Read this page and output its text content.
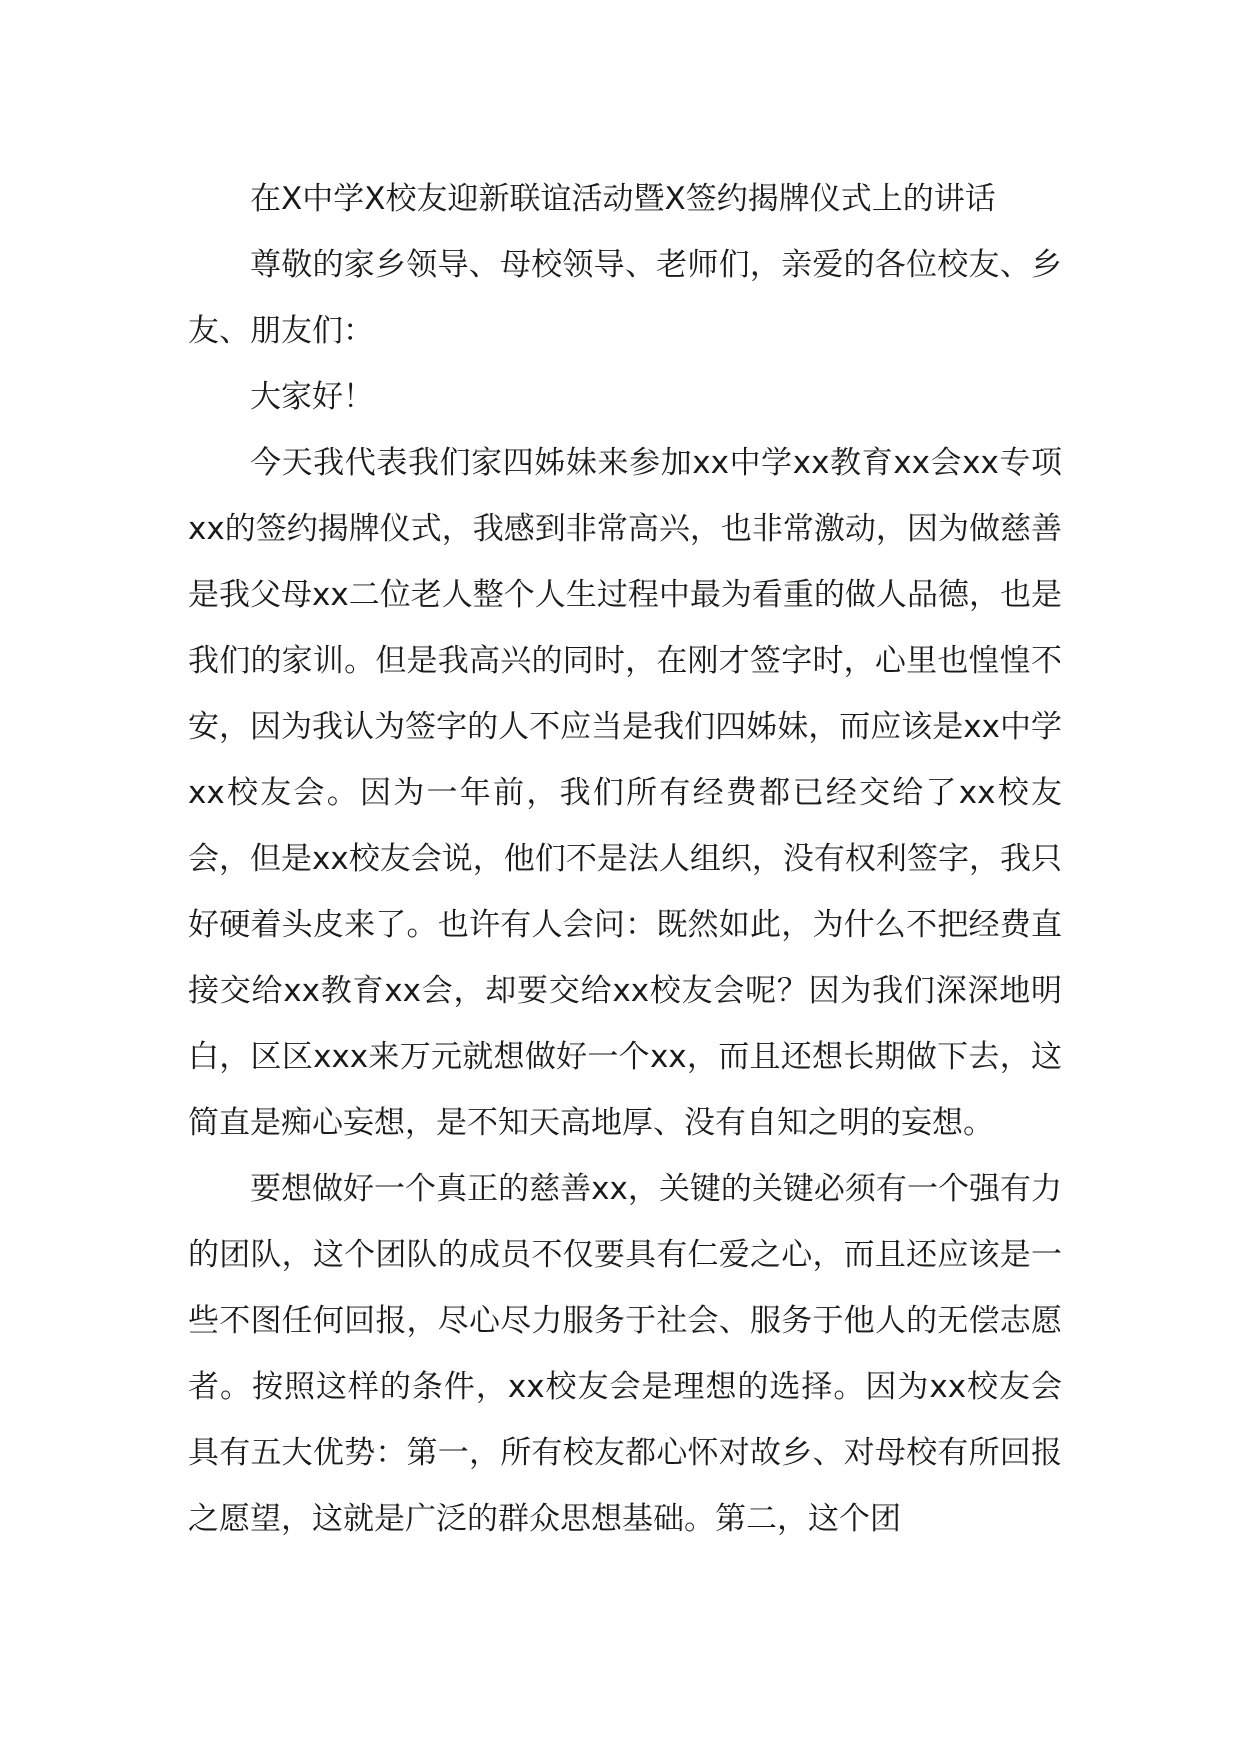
在X中学X校友迎新联谊活动暨X签约揭牌仪式上的讲话

尊敬的家乡领导、母校领导、老师们，亲爱的各位校友、乡友、朋友们：

大家好！

今天我代表我们家四姊妹来参加xx中学xx教育xx会xx专项xx的签约揭牌仪式，我感到非常高兴，也非常激动，因为做慈善是我父母xx二位老人整个人生过程中最为看重的做人品德，也是我们的家训。但是我高兴的同时，在刚才签字时，心里也惶惶不安，因为我认为签字的人不应当是我们四姊妹，而应该是xx中学xx校友会。因为一年前，我们所有经费都已经交给了xx校友会，但是xx校友会说，他们不是法人组织，没有权利签字，我只好硬着头皮来了。也许有人会问：既然如此，为什么不把经费直接交给xx教育xx会，却要交给xx校友会呢？因为我们深深地明白，区区xxx来万元就想做好一个xx，而且还想长期做下去，这简直是痴心妄想，是不知天高地厚、没有自知之明的妄想。

要想做好一个真正的慈善xx，关键的关键必须有一个强有力的团队，这个团队的成员不仅要具有仁爱之心，而且还应该是一些不图任何回报，尽心尽力服务于社会、服务于他人的无偿志愿者。按照这样的条件，xx校友会是理想的选择。因为xx校友会具有五大优势：第一，所有校友都心怀对故乡、对母校有所回报之愿望，这就是广泛的群众思想基础。第二，这个团
